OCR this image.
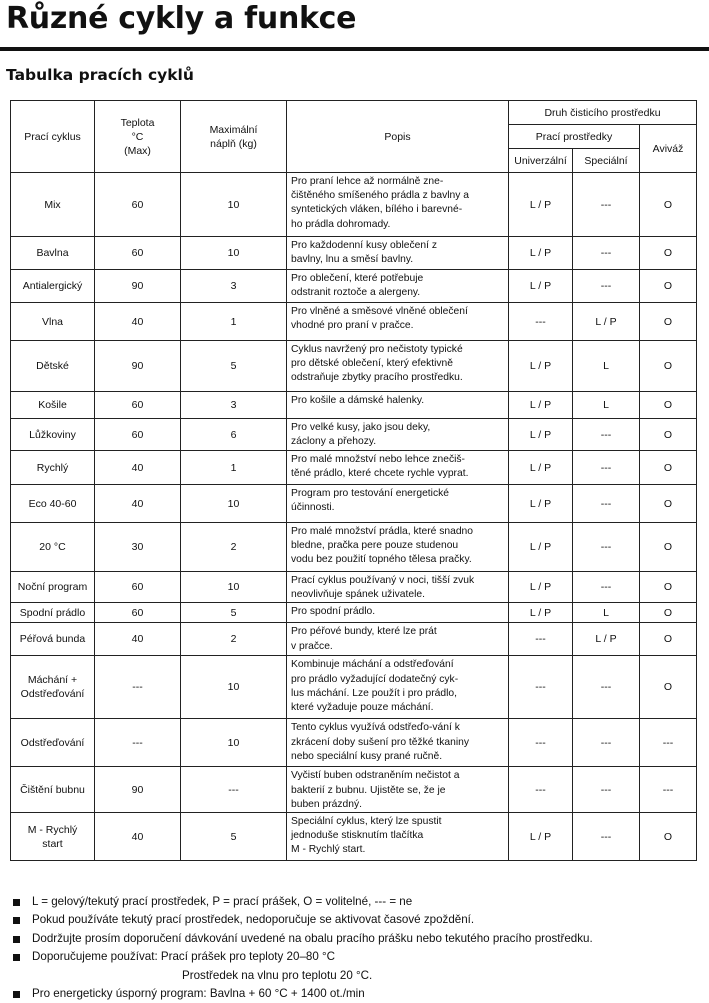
Různé cykly a funkce
Tabulka pracích cyklů
Prací cyklus	Teplota
°C
(Max)	Maximální
náplň (kg)	Popis	Druh čisticího prostředku		
				Prací prostředky		Aviváž
				Univerzální	Speciální	
Mix	60	10	Pro praní lehce až normálně zne-
čištěného smíšeného prádla z bavlny a
syntetických vláken, bílého i barevné-
ho prádla dohromady.	L / P	---	O
Bavlna	60	10	Pro každodenní kusy oblečení z
bavlny, lnu a směsí bavlny.	L / P	---	O
Antialergický	90	3	Pro oblečení, které potřebuje
odstranit roztoče a alergeny.	L / P	---	O
Vlna	40	1	Pro vlněné a směsové vlněné oblečení
vhodné pro praní v pračce.	---	L / P	O
Dětské	90	5	Cyklus navržený pro nečistoty typické
pro dětské oblečení, který efektivně
odstraňuje zbytky pracího prostředku.	L / P	L	O
Košile	60	3	Pro košile a dámské halenky.	L / P	L	O
Lůžkoviny	60	6	Pro velké kusy, jako jsou deky,
záclony a přehozy.	L / P	---	O
Rychlý	40	1	Pro malé množství nebo lehce znečiš-
těné prádlo, které chcete rychle vyprat.	L / P	---	O
Eco 40-60	40	10	Program pro testování energetické
účinnosti.	L / P	---	O
20 °C	30	2	Pro malé množství prádla, které snadno
bledne, pračka pere pouze studenou
vodu bez použití topného tělesa pračky.	L / P	---	O
Noční program	60	10	Prací cyklus používaný v noci, tišší zvuk
neovlivňuje spánek uživatele.	L / P	---	O
Spodní prádlo	60	5	Pro spodní prádlo.	L / P	L	O
Péřová bunda	40	2	Pro péřové bundy, které lze prát
v pračce.	---	L / P	O
Máchání +
Odstřeďování	---	10	Kombinuje máchání a odstřeďování
pro prádlo vyžadující dodatečný cyk-
lus máchání. Lze použít i pro prádlo,
které vyžaduje pouze máchání.	---	---	O
Odstřeďování	---	10	Tento cyklus využívá odstřeďo-vání k
zkrácení doby sušení pro těžké tkaniny
nebo speciální kusy prané ručně.	---	---	---
Čištění bubnu	90	---	Vyčistí buben odstraněním nečistot a
bakterií z bubnu. Ujistěte se, že je
buben prázdný.	---	---	---
M - Rychlý
start	40	5	Speciální cyklus, který lze spustit
jednoduše stisknutím tlačítka
M - Rychlý start.	L / P	---	O
L = gelový/tekutý prací prostředek, P = prací prášek, O = volitelné, --- = ne
Pokud používáte tekutý prací prostředek, nedoporučuje se aktivovat časové zpoždění.
Dodržujte prosím doporučení dávkování uvedené na obalu pracího prášku nebo tekutého pracího prostředku.
Doporučujeme používat: Prací prášek pro teploty 20–80 °C
Prostředek na vlnu pro teplotu 20 °C.
Pro energeticky úsporný program: Bavlna + 60 °C + 1400 ot./min
